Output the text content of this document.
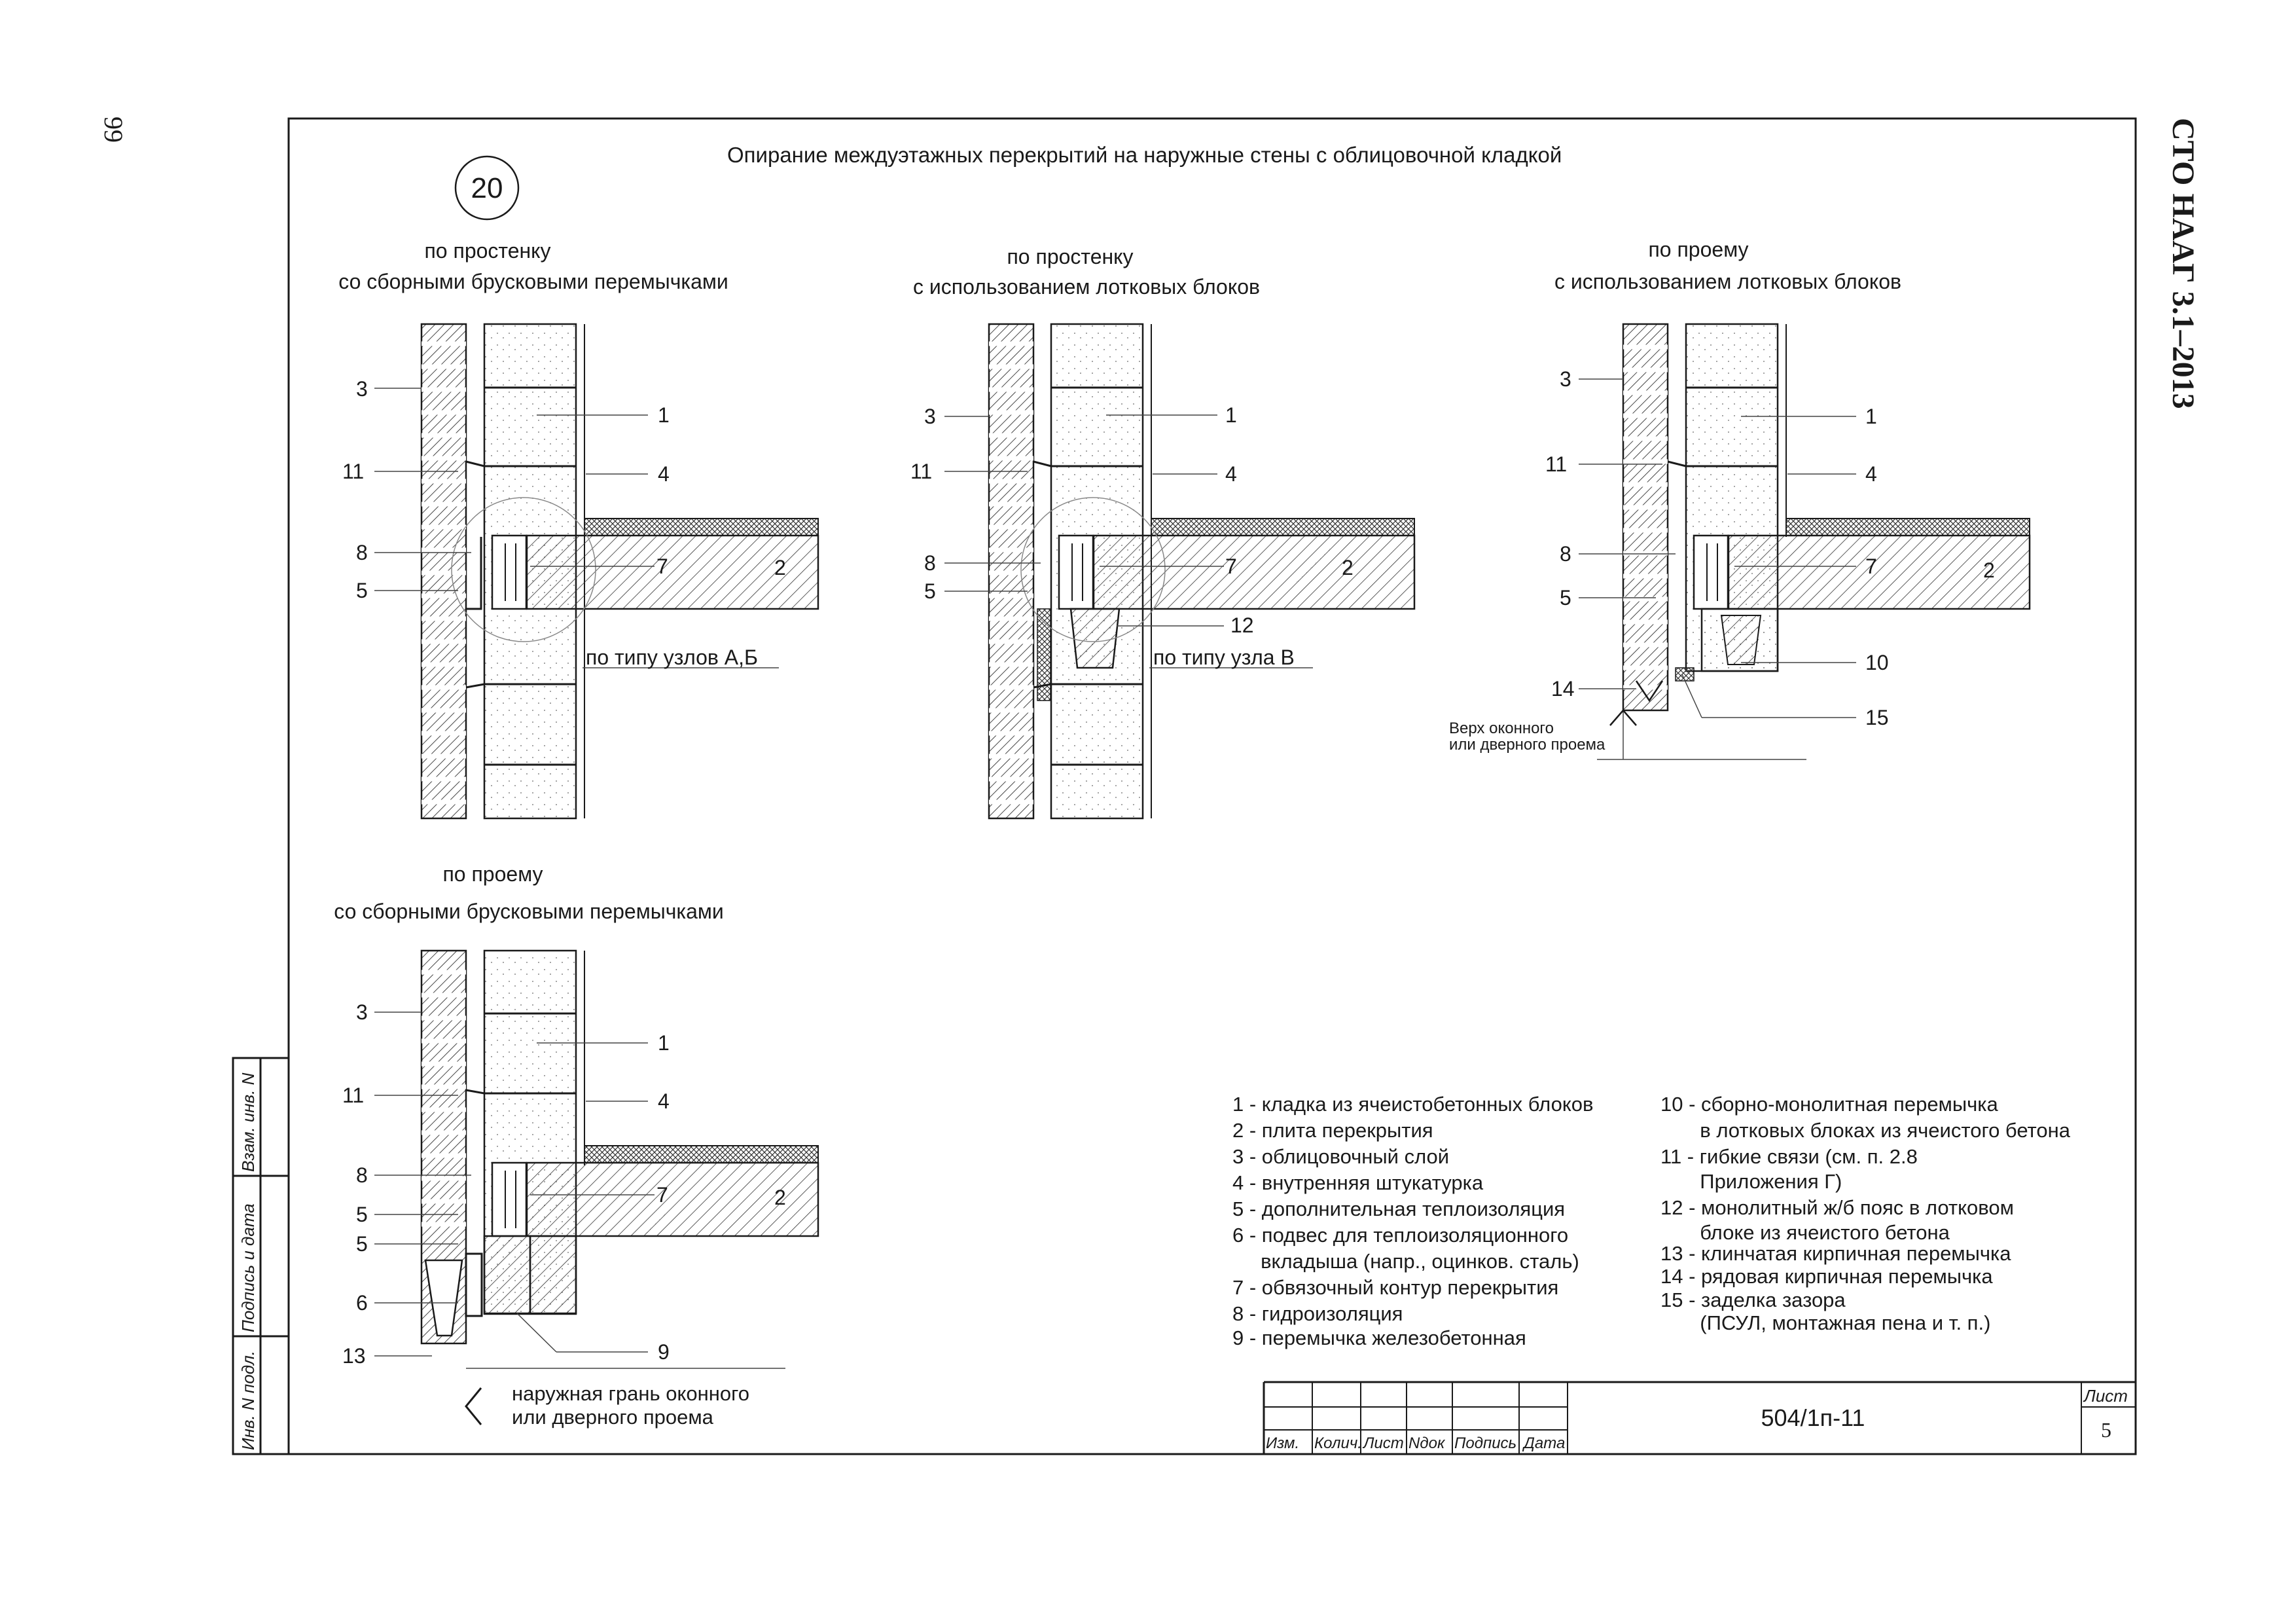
Инв. N подл.
Подпись и дата
Взам. инв. N
99	СТО НААГ 3.1–2013
Опирание междуэтажных перекрытий на наружные стены с облицовочной кладкой
20
по простенку
со сборными брусковыми перемычками
по простенку
с использованием лотковых блоков
по проему
с использованием лотковых блоков
по проему
со сборными брусковыми перемычками
3
11
8
5
1
4
7	2
по типу узлов А,Б
3
11
8
5
1
4
7	2
12
по типу узла В
3
11
8
5
1
4
7	2
10
14
15
Верх оконного
или дверного проема
3
11
8
5
5
6
13
1
4
7	2
9
наружная грань оконного
или дверного проема
1 - кладка из ячеистобетонных блоков
2 - плита перекрытия
3 - облицовочный слой
4 - внутренняя штукатурка
5 - дополнительная теплоизоляция
6 - подвес для теплоизоляционного
вкладыша (напр., оцинков. сталь)
7 - обвязочный контур перекрытия
8 - гидроизоляция
9 - перемычка железобетонная
10 - сборно-монолитная перемычка
в лотковых блоках из ячеистого бетона
11 - гибкие связи (см. п. 2.8
Приложения Г)
12 - монолитный ж/б пояс в лотковом
блоке из ячеистого бетона
13 - клинчатая кирпичная перемычка
14 - рядовая кирпичная перемычка
15 - заделка зазора
(ПСУЛ, монтажная пена и т. п.)
Изм. Колич. Лист Nдок Подпись Дата
504/1п-11
Лист
5
